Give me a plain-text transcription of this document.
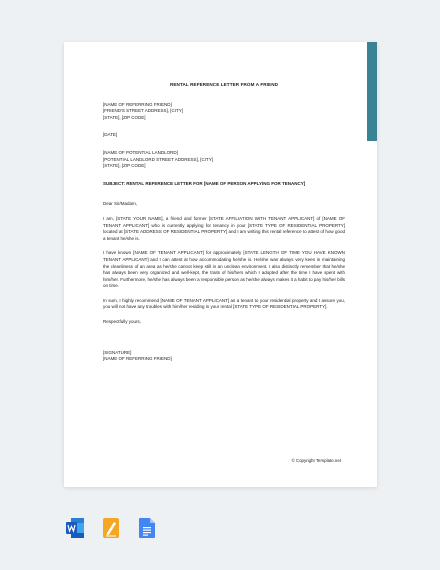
RENTAL REFERENCE LETTER FROM A FRIEND

[NAME OF REFERRING FRIEND]

[FRIEND'S STREET ADDRESS], [CITY]

[STATE], [ZIP CODE]

[DATE]

[NAME OF POTENTIAL LANDLORD]

[POTENTIAL LANDLORD STREET ADDRESS], [CITY]

[STATE], [ZIP CODE]

SUBJECT: RENTAL REFERENCE LETTER FOR [NAME OF PERSON APPLYING FOR TENANCY]

Dear Sir/Madam,

I am, [STATE YOUR NAME], a friend and former [STATE AFFILIATION WITH TENANT APPLICANT] of [NAME OF TENANT APPLICANT] who is currently applying for tenancy in your [STATE TYPE OF RESIDENTIAL PROPERTY] located at [STATE ADDRESS OF RESIDENTIAL PROPERTY] and I am writing this rental reference to attest of how good a tenant he/she is.

I have known [NAME OF TENANT APPLICANT] for approximately [STATE LENGTH OF TIME YOU HAVE KNOWN TENANT APPLICANT] and I can attest at how accommodating he/she is. He/she was always very keen in maintaining the cleanliness of an area as he/she cannot keep still in an unclean environment. I also distinctly remember that he/she has always been very organized and well-kept, the traits of his/hers which I adopted after the time I have spent with him/her. Furthermore, he/she has always been a responsible person as he/she always makes it a habit to pay his/her bills on time.

In sum, I highly recommend [NAME OF TENANT APPLICANT] as a tenant to your residential property and I assure you, you will not have any troubles with him/her residing in your rental [STATE TYPE OF RESIDENTIAL PROPERTY].

Respectfully yours,

[SIGNATURE]

[NAME OF REFERRING FRIEND]

© Copyright Template.net
